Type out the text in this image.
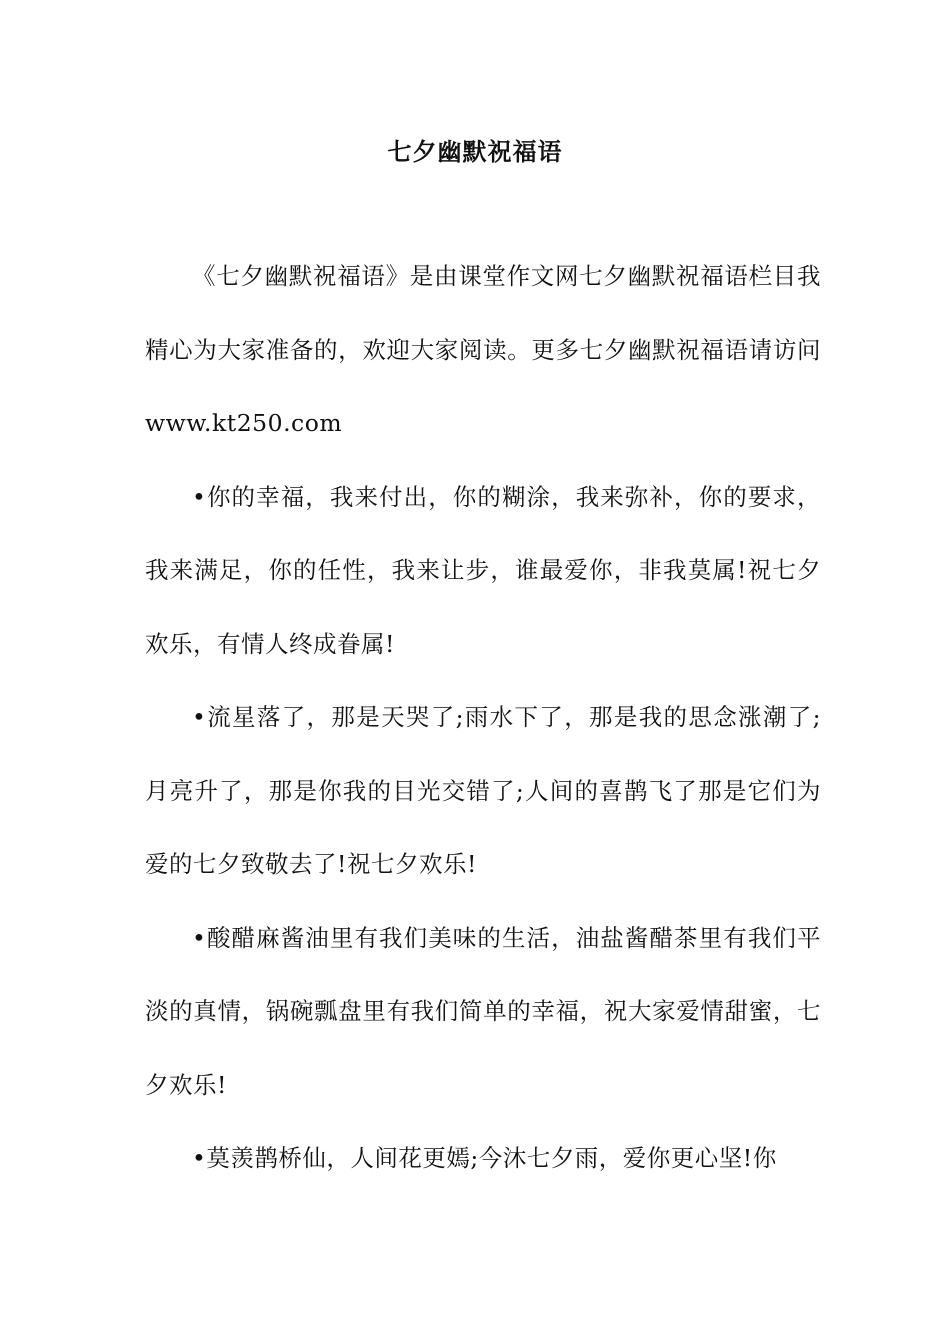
七夕幽默祝福语

《七夕幽默祝福语》是由课堂作文网七夕幽默祝福语栏目我精心为大家准备的，欢迎大家阅读。更多七夕幽默祝福语请访问www.kt250.com

•你的幸福，我来付出，你的糊涂，我来弥补，你的要求，我来满足，你的任性，我来让步，谁最爱你，非我莫属!祝七夕欢乐，有情人终成眷属!

•流星落了，那是天哭了;雨水下了，那是我的思念涨潮了;月亮升了，那是你我的目光交错了;人间的喜鹊飞了那是它们为爱的七夕致敬去了!祝七夕欢乐!

•酸醋麻酱油里有我们美味的生活，油盐酱醋茶里有我们平淡的真情，锅碗瓢盘里有我们简单的幸福，祝大家爱情甜蜜，七夕欢乐!

•莫羡鹊桥仙，人间花更嫣;今沐七夕雨，爱你更心坚!你
